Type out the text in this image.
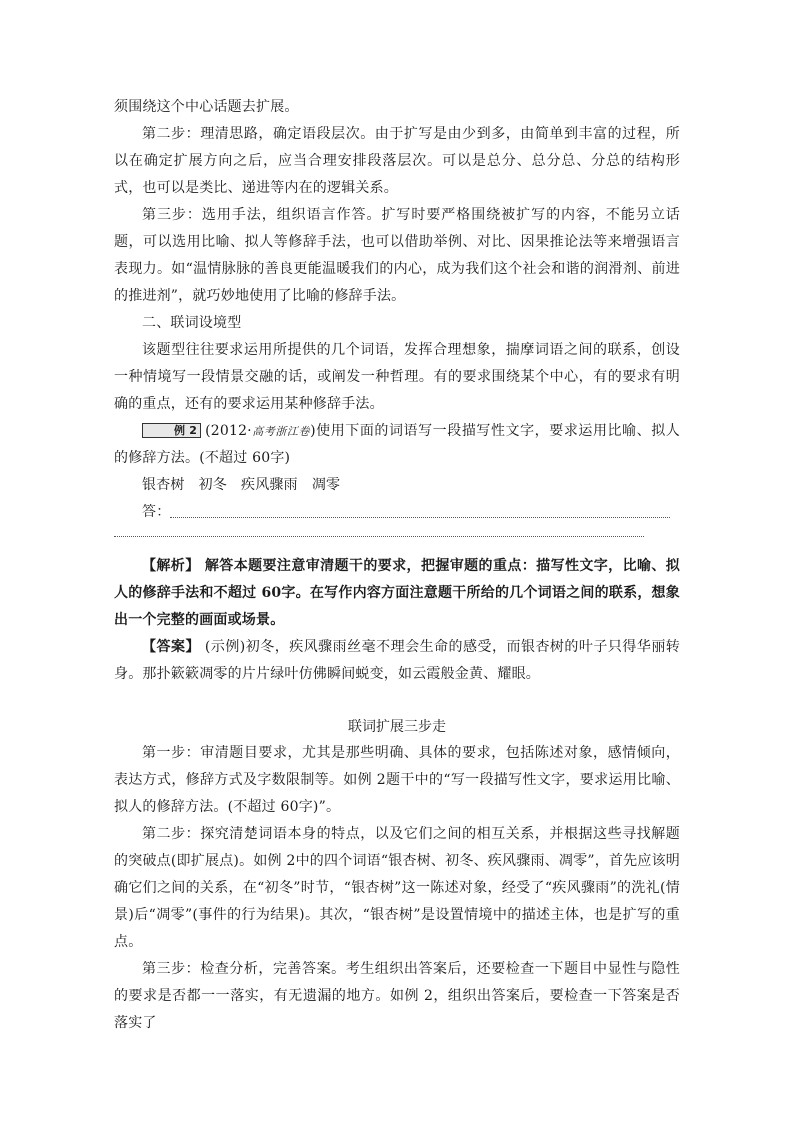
须围绕这个中心话题去扩展。

第二步：理清思路，确定语段层次。由于扩写是由少到多，由简单到丰富的过程，所以在确定扩展方向之后，应当合理安排段落层次。可以是总分、总分总、分总的结构形式，也可以是类比、递进等内在的逻辑关系。

第三步：选用手法，组织语言作答。扩写时要严格围绕被扩写的内容，不能另立话题，可以选用比喻、拟人等修辞手法，也可以借助举例、对比、因果推论法等来增强语言表现力。如“温情脉脉的善良更能温暖我们的内心，成为我们这个社会和谐的润滑剂、前进的推进剂”，就巧妙地使用了比喻的修辞手法。

二、联词设境型

该题型往往要求运用所提供的几个词语，发挥合理想象，揣摩词语之间的联系，创设一种情境写一段情景交融的话，或阐发一种哲理。有的要求围绕某个中心，有的要求有明确的重点，还有的要求运用某种修辞手法。

例 2 (2012·高考浙江卷)使用下面的词语写一段描写性文字，要求运用比喻、拟人的修辞方法。(不超过 60字)

银杏树 初冬 疾风骤雨 凋零

答：

【解析】 解答本题要注意审清题干的要求，把握审题的重点：描写性文字，比喻、拟人的修辞手法和不超过 60字。在写作内容方面注意题干所给的几个词语之间的联系，想象出一个完整的画面或场景。

【答案】 (示例)初冬，疾风骤雨丝毫不理会生命的感受，而银杏树的叶子只得华丽转身。那扑簌簌凋零的片片绿叶仿佛瞬间蜕变，如云霞般金黄、耀眼。

联词扩展三步走

第一步：审清题目要求，尤其是那些明确、具体的要求，包括陈述对象，感情倾向，表达方式，修辞方式及字数限制等。如例 2题干中的“写一段描写性文字，要求运用比喻、拟人的修辞方法。(不超过 60字)”。

第二步：探究清楚词语本身的特点，以及它们之间的相互关系，并根据这些寻找解题的突破点(即扩展点)。如例 2中的四个词语“银杏树、初冬、疾风骤雨、凋零”，首先应该明确它们之间的关系，在“初冬”时节，“银杏树”这一陈述对象，经受了“疾风骤雨”的洗礼(情景)后“凋零”(事件的行为结果)。其次，“银杏树”是设置情境中的描述主体，也是扩写的重点。

第三步：检查分析，完善答案。考生组织出答案后，还要检查一下题目中显性与隐性的要求是否都一一落实，有无遗漏的地方。如例 2，组织出答案后，要检查一下答案是否落实了
